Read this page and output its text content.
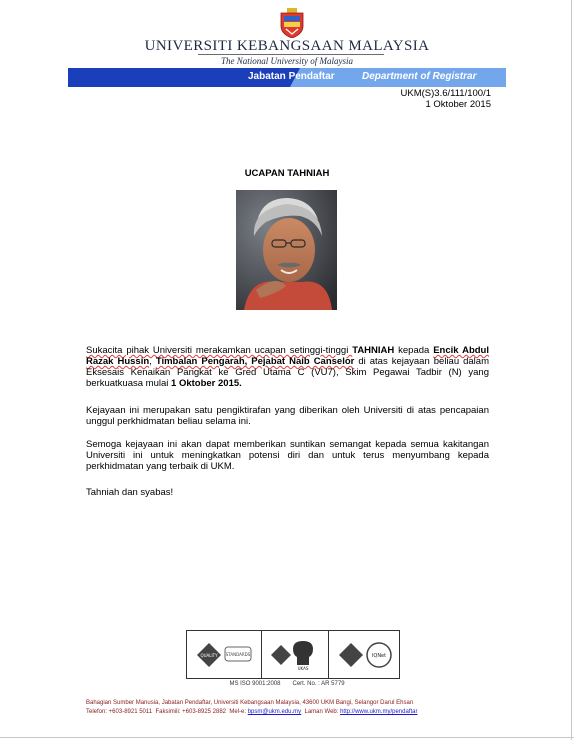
UNIVERSITI KEBANGSAAN MALAYSIA
The National University of Malaysia
Jabatan Pendaftar	Department of Registrar
UKM(S)3.6/111/100/1
1 Oktober 2015
UCAPAN TAHNIAH
Sukacita pihak Universiti merakamkan ucapan setinggi-tinggi TAHNIAH kepada Encik Abdul Razak Hussin, Timbalan Pengarah, Pejabat Naib Canselor di atas kejayaan beliau dalam Eksesais Kenaikan Pangkat ke Gred Utama C (VU7), Skim Pegawai Tadbir (N) yang berkuatkuasa mulai 1 Oktober 2015.
Kejayaan ini merupakan satu pengiktirafan yang diberikan oleh Universiti di atas pencapaian unggul perkhidmatan beliau selama ini.
Semoga kejayaan ini akan dapat memberikan suntikan semangat kepada semua kakitangan Universiti ini untuk meningkatkan potensi diri dan untuk terus menyumbang kepada perkhidmatan yang terbaik di UKM.
Tahniah dan syabas!
QUALITY STANDARDS
UKAS
IQNet
MS ISO 9001:2008 Cert. No. : AR 5779
Bahagian Sumber Manusia, Jabatan Pendaftar, Universiti Kebangsaan Malaysia, 43600 UKM Bangi, Selangor Darul Ehsan
Telefon: +603-8921 5011 Faksimili: +603-8925 2882 Mel-e: bpsm@ukm.edu.my Laman Web: http://www.ukm.my/pendaftar
